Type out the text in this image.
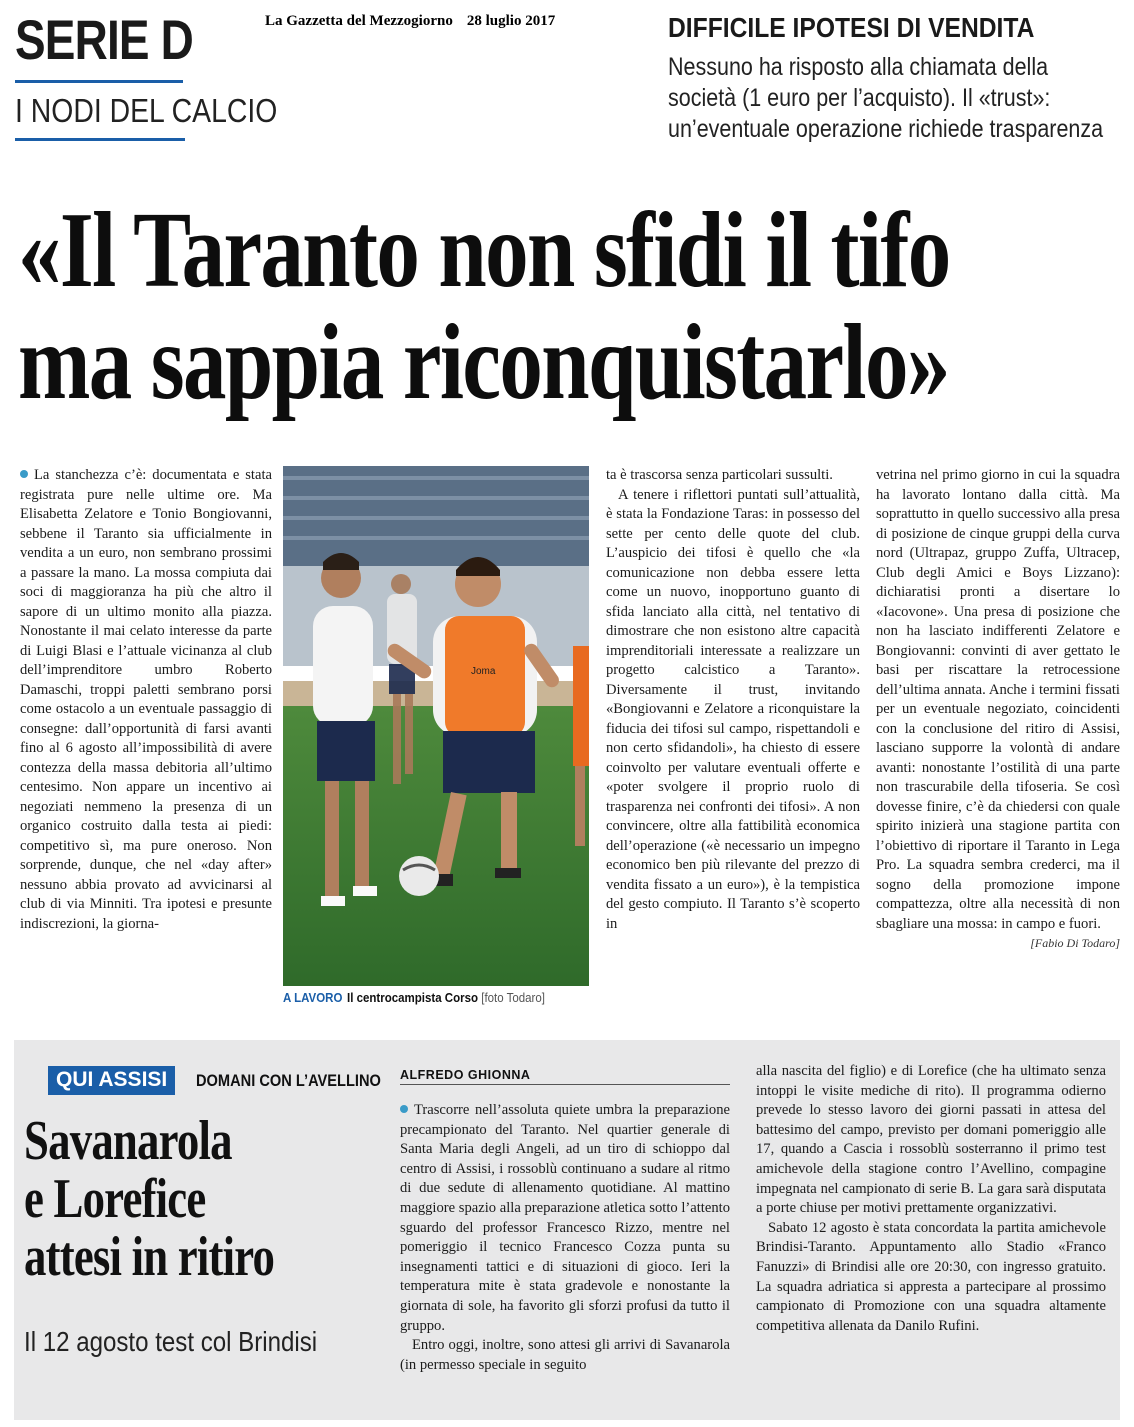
SERIE D
I NODI DEL CALCIO
La Gazzetta del Mezzogiorno 28 luglio 2017	DIFFICILE IPOTESI DI VENDITA
Nessuno ha risposto alla chiamata della
società (1 euro per l’acquisto). Il «trust»:
un’eventuale operazione richiede trasparenza
«Il Taranto non sfidi il tifo
ma sappia riconquistarlo»

La stanchezza c’è: documentata e stata registrata pure nelle ultime ore. Ma Elisabetta Zelatore e Tonio Bongiovanni, sebbene il Taranto sia ufficialmente in vendita a un euro, non sembrano prossimi a passare la mano. La mossa compiuta dai soci di maggioranza ha più che altro il sapore di un ultimo monito alla piazza. Nonostante il mai celato interesse da parte di Luigi Blasi e l’attuale vicinanza al club dell’imprenditore umbro Roberto Damaschi, troppi paletti sembrano porsi come ostacolo a un eventuale passaggio di consegne: dall’opportunità di farsi avanti fino al 6 agosto all’impossibilità di avere contezza della massa debitoria all’ultimo centesimo. Non appare un incentivo ai negoziati nemmeno la presenza di un organico costruito dalla testa ai piedi: competitivo sì, ma pure oneroso. Non sorprende, dunque, che nel «day after» nessuno abbia provato ad avvicinarsi al club di via Minniti. Tra ipotesi e presunte indiscrezioni, la giorna-

Joma
A LAVORO Il centrocampista Corso [foto Todaro]

ta è trascorsa senza particolari sussulti.

A tenere i riflettori puntati sull’attualità, è stata la Fondazione Taras: in possesso del sette per cento delle quote del club. L’auspicio dei tifosi è quello che «la comunicazione non debba essere letta come un nuovo, inopportuno guanto di sfida lanciato alla città, nel tentativo di dimostrare che non esistono altre capacità imprenditoriali interessate a realizzare un progetto calcistico a Taranto». Diversamente il trust, invitando «Bongiovanni e Zelatore a riconquistare la fiducia dei tifosi sul campo, rispettandoli e non certo sfidandoli», ha chiesto di essere coinvolto per valutare eventuali offerte e «poter svolgere il proprio ruolo di trasparenza nei confronti dei tifosi». A non convincere, oltre alla fattibilità economica dell’operazione («è necessario un impegno economico ben più rilevante del prezzo di vendita fissato a un euro»), è la tempistica del gesto compiuto. Il Taranto s’è scoperto in

vetrina nel primo giorno in cui la squadra ha lavorato lontano dalla città. Ma soprattutto in quello successivo alla presa di posizione de cinque gruppi della curva nord (Ultrapaz, gruppo Zuffa, Ultracep, Club degli Amici e Boys Lizzano): dichiaratisi pronti a disertare lo «Iacovone». Una presa di posizione che non ha lasciato indifferenti Zelatore e Bongiovanni: convinti di aver gettato le basi per riscattare la retrocessione dell’ultima annata. Anche i termini fissati per un eventuale negoziato, coincidenti con la conclusione del ritiro di Assisi, lasciano supporre la volontà di andare avanti: nonostante l’ostilità di una parte non trascurabile della tifoseria. Se così dovesse finire, c’è da chiedersi con quale spirito inizierà una stagione partita con l’obiettivo di riportare il Taranto in Lega Pro. La squadra sembra crederci, ma il sogno della promozione impone compattezza, oltre alla necessità di non sbagliare una mossa: in campo e fuori.

[Fabio Di Todaro]
QUI ASSISI	DOMANI CON L’AVELLINO
Savanarola
e Lorefice
attesi in ritiro
Il 12 agosto test col Brindisi
ALFREDO GHIONNA

Trascorre nell’assoluta quiete umbra la preparazione precampionato del Taranto. Nel quartier generale di Santa Maria degli Angeli, ad un tiro di schioppo dal centro di Assisi, i rossoblù continuano a sudare al ritmo di due sedute di allenamento quotidiane. Al mattino maggiore spazio alla preparazione atletica sotto l’attento sguardo del professor Francesco Rizzo, mentre nel pomeriggio il tecnico Francesco Cozza punta su insegnamenti tattici e di situazioni di gioco. Ieri la temperatura mite è stata gradevole e nonostante la giornata di sole, ha favorito gli sforzi profusi da tutto il gruppo.

Entro oggi, inoltre, sono attesi gli arrivi di Savanarola (in permesso speciale in seguito

alla nascita del figlio) e di Lorefice (che ha ultimato senza intoppi le visite mediche di rito). Il programma odierno prevede lo stesso lavoro dei giorni passati in attesa del battesimo del campo, previsto per domani pomeriggio alle 17, quando a Cascia i rossoblù sosterranno il primo test amichevole della stagione contro l’Avellino, compagine impegnata nel campionato di serie B. La gara sarà disputata a porte chiuse per motivi prettamente organizzativi.

Sabato 12 agosto è stata concordata la partita amichevole Brindisi-Taranto. Appuntamento allo Stadio «Franco Fanuzzi» di Brindisi alle ore 20:30, con ingresso gratuito. La squadra adriatica si appresta a partecipare al prossimo campionato di Promozione con una squadra altamente competitiva allenata da Danilo Rufini.
